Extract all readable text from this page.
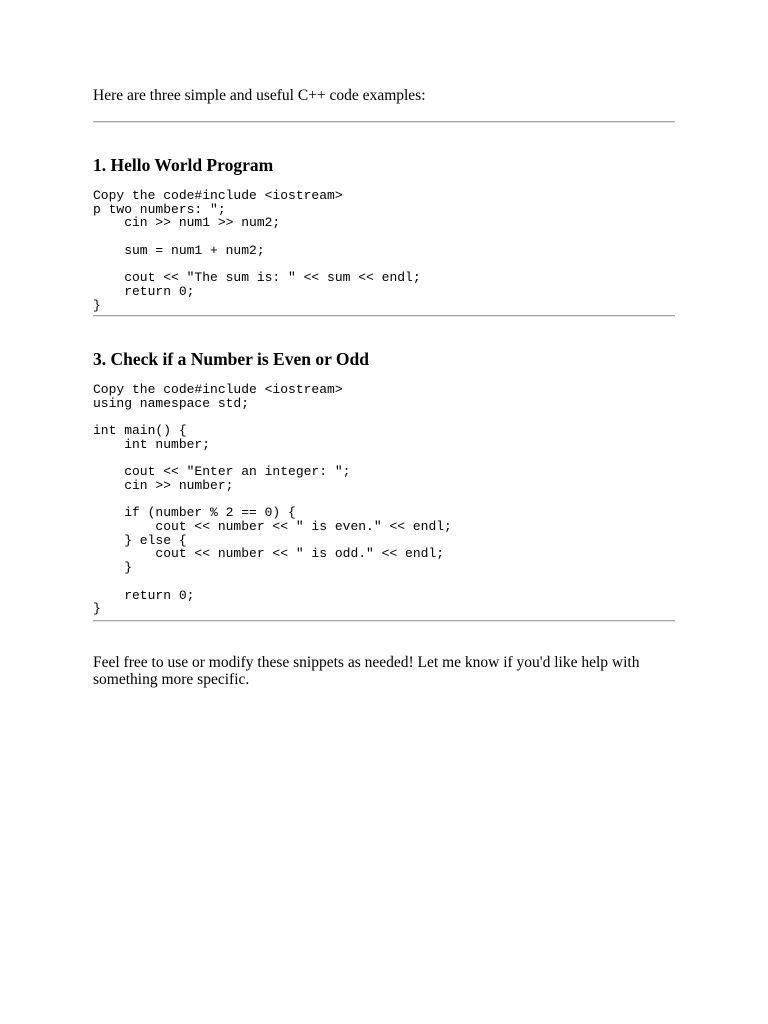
Here are three simple and useful C++ code examples:
1. Hello World Program
Copy the code#include <iostream>
p two numbers: ";
cin >> num1 >> num2;

sum = num1 + num2;

cout << "The sum is: " << sum << endl;
return 0;
}
3. Check if a Number is Even or Odd
Copy the code#include <iostream>
using namespace std;

int main() {
int number;

cout << "Enter an integer: ";
cin >> number;

if (number % 2 == 0) {
cout << number << " is even." << endl;
} else {
cout << number << " is odd." << endl;
}

return 0;
}

Feel free to use or modify these snippets as needed! Let me know if you'd like help with something more specific.
